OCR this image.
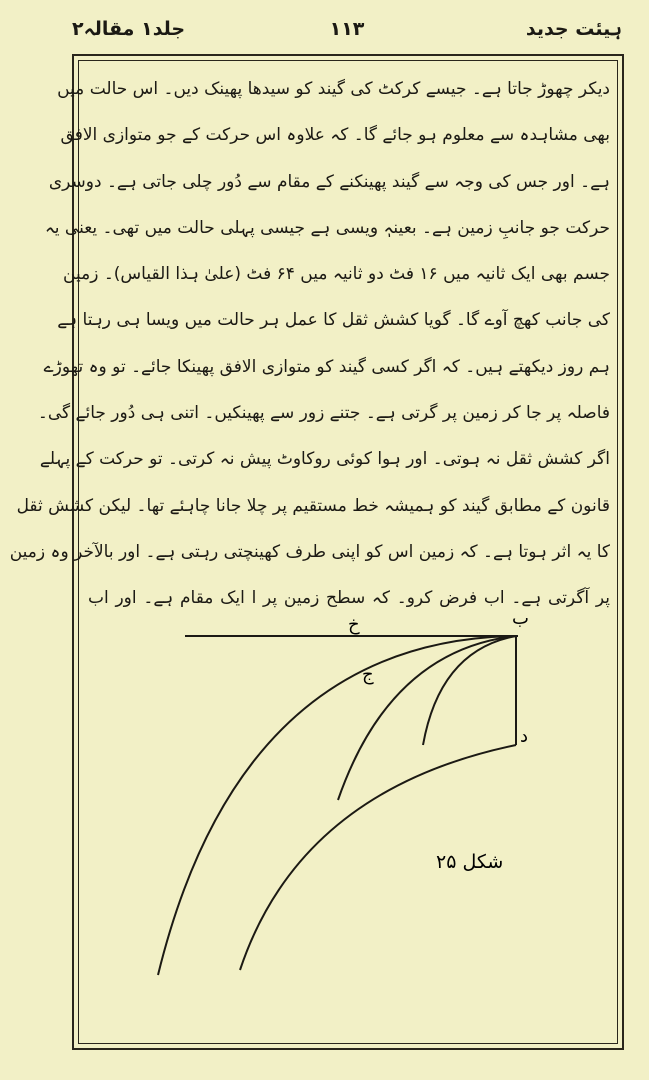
ہیئت جدید
۱۱۳
جلد۱ مقالہ۲
دیکر چھوڑ جاتا ہے۔ جیسے کرکٹ کی گیند کو سیدھا پھینک دیں۔ اس حالت میں
بھی مشاہدہ سے معلوم ہو جائے گا۔ کہ علاوہ اس حرکت کے جو متوازی الافق
ہے۔ اور جس کی وجہ سے گیند پھینکنے کے مقام سے دُور چلی جاتی ہے۔ دوسری
حرکت جو جانبِ زمین ہے۔ بعینہٖ ویسی ہے جیسی پہلی حالت میں تھی۔ یعنی یہ
جسم بھی ایک ثانیہ میں ۱۶ فٹ دو ثانیہ میں ۶۴ فٹ (علیٰ ہذا القیاس)۔ زمین
کی جانب کھچ آوے گا۔ گویا کشش ثقل کا عمل ہر حالت میں ویسا ہی رہتا ہے
ہم روز دیکھتے ہیں۔ کہ اگر کسی گیند کو متوازی الافق پھینکا جائے۔ تو وہ تھوڑے
فاصلہ پر جا کر زمین پر گرتی ہے۔ جتنے زور سے پھینکیں۔ اتنی ہی دُور جائے گی۔
اگر کشش ثقل نہ ہوتی۔ اور ہوا کوئی روکاوٹ پیش نہ کرتی۔ تو حرکت کے پہلے
قانون کے مطابق گیند کو ہمیشہ خط مستقیم پر چلا جانا چاہئے تھا۔ لیکن کشش ثقل
کا یہ اثر ہوتا ہے۔ کہ زمین اس کو اپنی طرف کھینچتی رہتی ہے۔ اور بالآخر وہ زمین
پر آگرتی ہے۔ اب فرض کرو۔ کہ سطح زمین پر ا ایک مقام ہے۔ اور اب
ب
خ
ج
د
شکل ۲۵
